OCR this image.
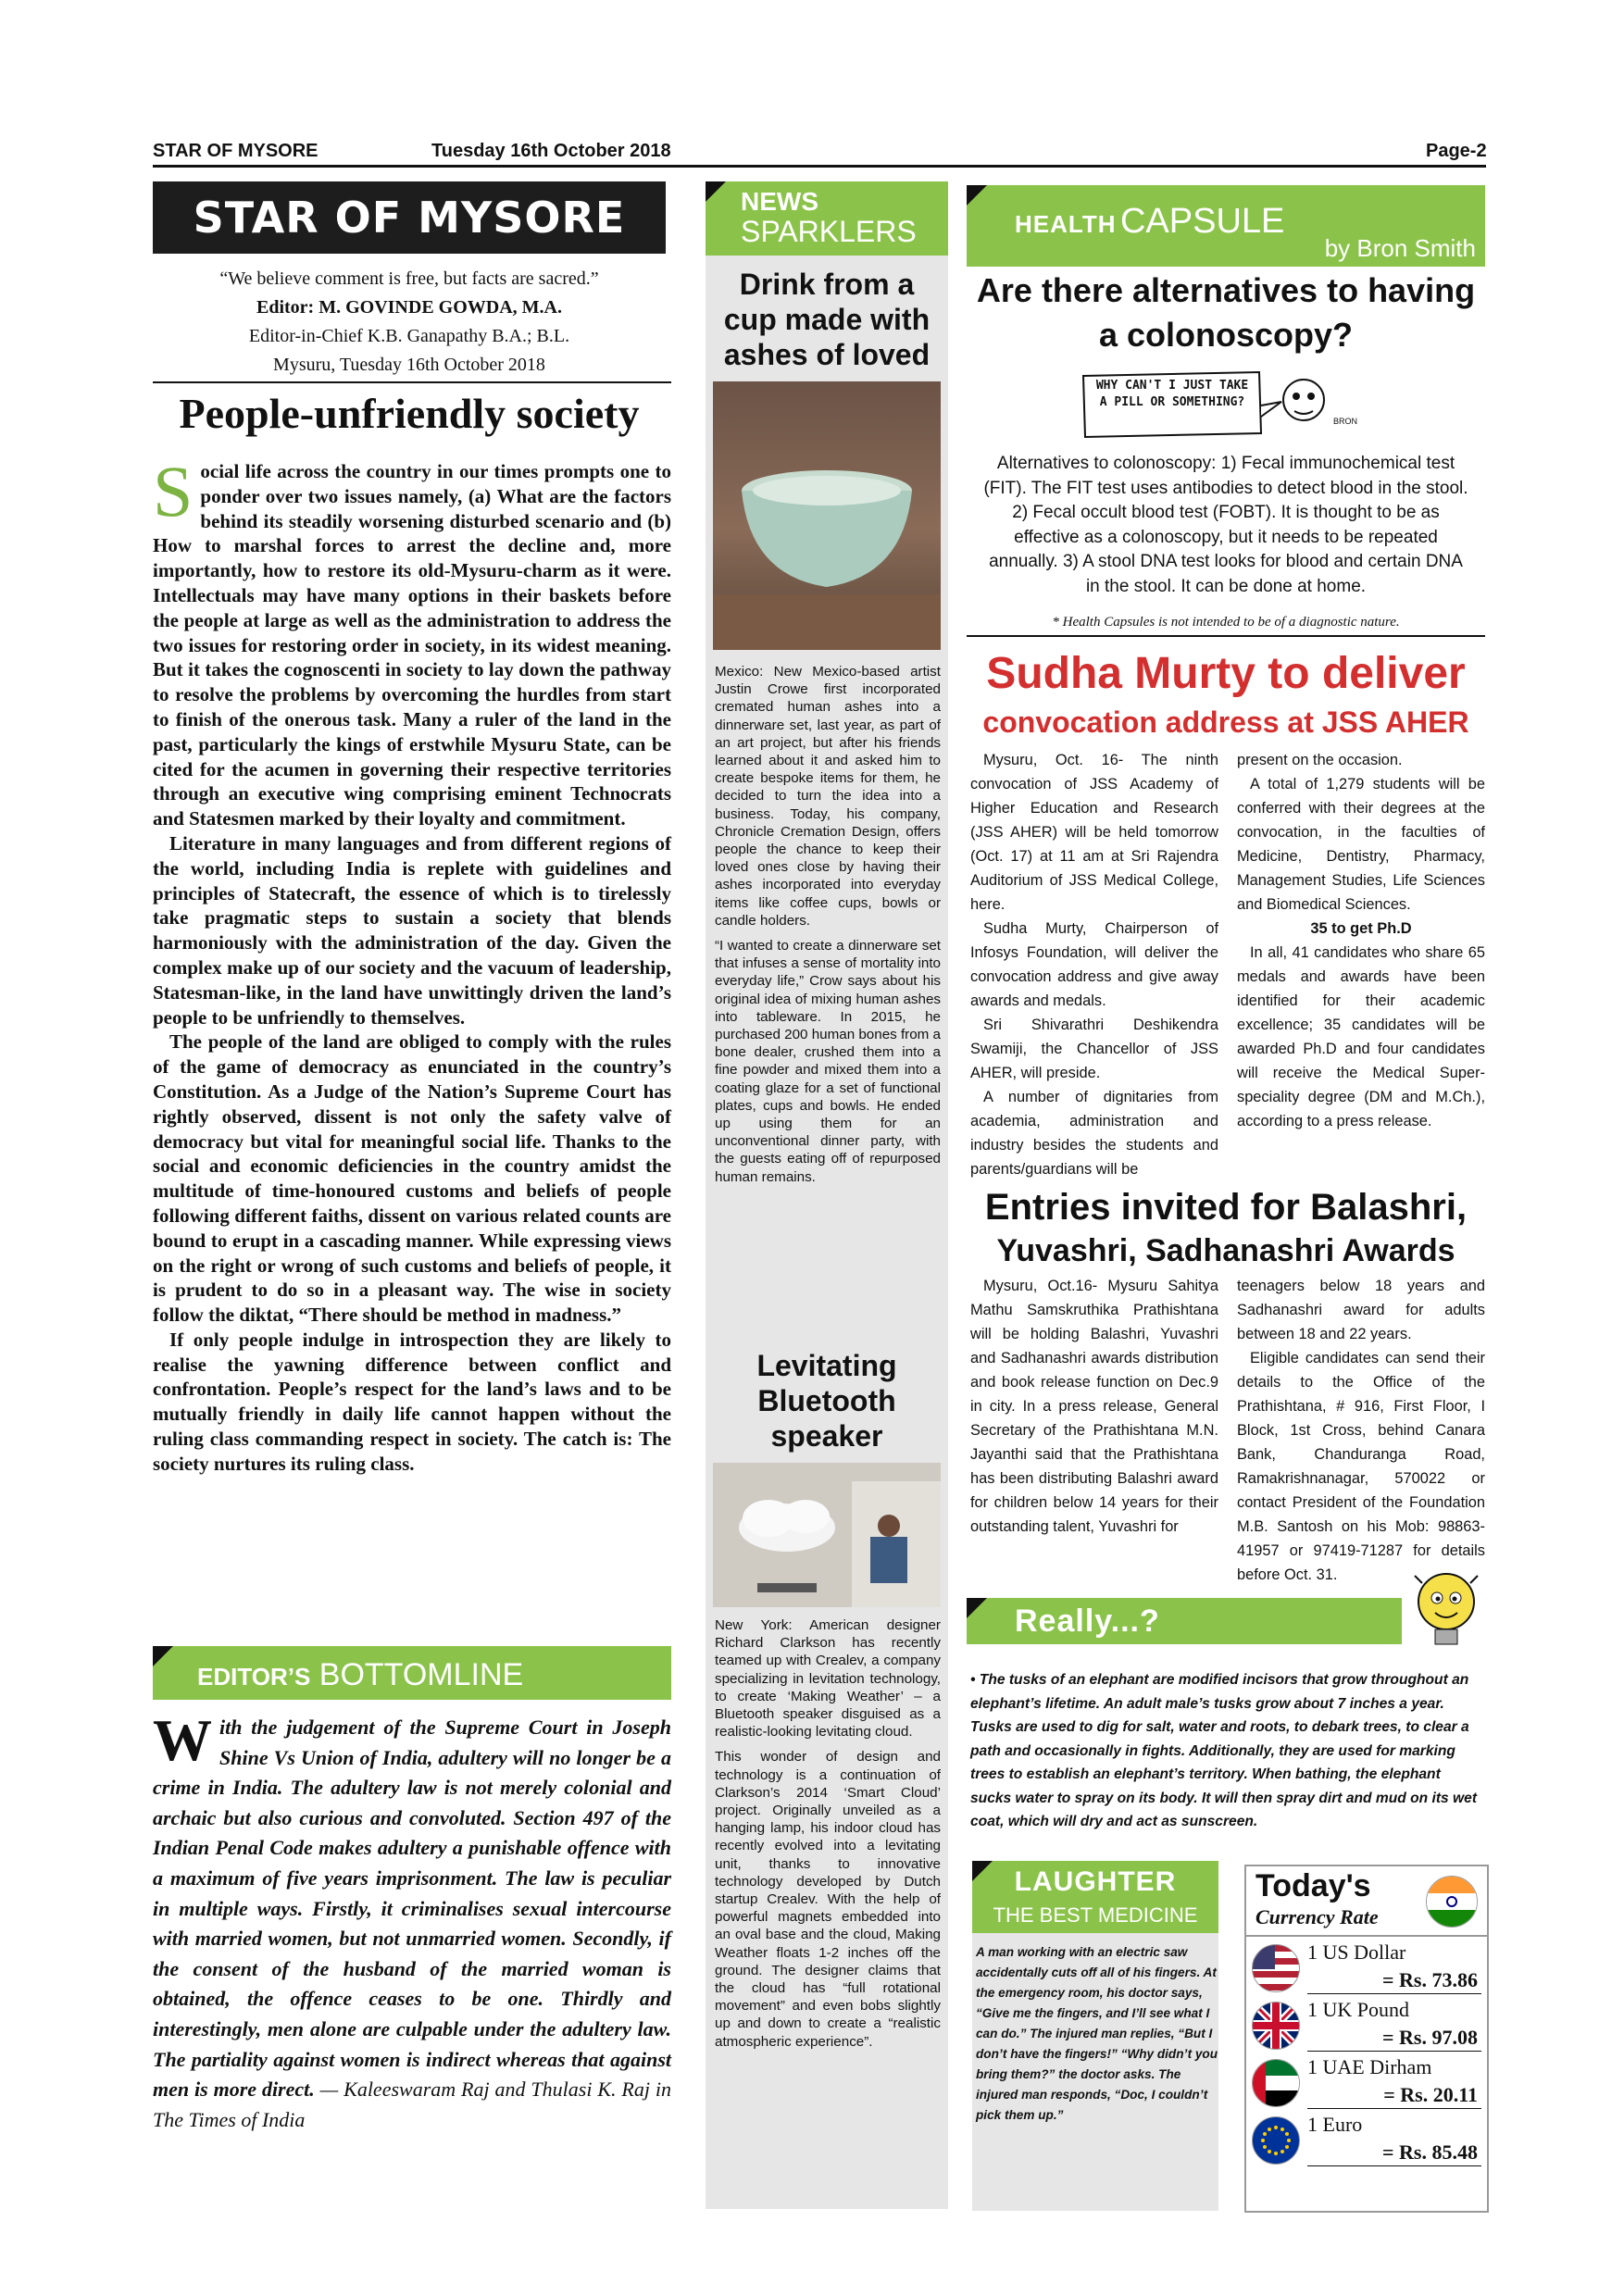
STAR OF MYSORE	Tuesday 16th October 2018	Page-2
STAR OF MYSORE
“We believe comment is free, but facts are sacred.”
Editor: M. GOVINDE GOWDA, M.A.
Editor-in-Chief K.B. Ganapathy B.A.; B.L.
Mysuru, Tuesday 16th October 2018
People-unfriendly society

Social life across the country in our times prompts one to ponder over two issues namely, (a) What are the factors behind its steadily worsening disturbed scenario and (b) How to marshal forces to arrest the decline and, more importantly, how to restore its old-Mysuru-charm as it were. Intellectuals may have many options in their baskets before the people at large as well as the administration to address the two issues for restoring order in society, in its widest meaning. But it takes the cognoscenti in society to lay down the pathway to resolve the problems by overcoming the hurdles from start to finish of the onerous task. Many a ruler of the land in the past, particularly the kings of erstwhile Mysuru State, can be cited for the acumen in governing their respective territories through an executive wing comprising eminent Technocrats and Statesmen marked by their loyalty and commitment.

Literature in many languages and from different regions of the world, including India is replete with guidelines and principles of Statecraft, the essence of which is to tirelessly take pragmatic steps to sustain a society that blends harmoniously with the administration of the day. Given the complex make up of our society and the vacuum of leadership, Statesman-like, in the land have unwittingly driven the land’s people to be unfriendly to themselves.

The people of the land are obliged to comply with the rules of the game of democracy as enunciated in the country’s Constitution. As a Judge of the Nation’s Supreme Court has rightly observed, dissent is not only the safety valve of democracy but vital for meaningful social life. Thanks to the social and economic deficiencies in the country amidst the multitude of time-honoured customs and beliefs of people following different faiths, dissent on various related counts are bound to erupt in a cascading manner. While expressing views on the right or wrong of such customs and beliefs of people, it is prudent to do so in a pleasant way. The wise in society follow the diktat, “There should be method in madness.”

If only people indulge in introspection they are likely to realise the yawning difference between conflict and confrontation. People’s respect for the land’s laws and to be mutually friendly in daily life cannot happen without the ruling class commanding respect in society. The catch is: The society nurtures its ruling class.

EDITOR’S BOTTOMLINE

With the judgement of the Supreme Court in Joseph Shine Vs Union of India, adultery will no longer be a crime in India. The adultery law is not merely colonial and archaic but also curious and convoluted. Section 497 of the Indian Penal Code makes adultery a punishable offence with a maximum of five years imprisonment. The law is peculiar in multiple ways. Firstly, it criminalises sexual intercourse with married women, but not unmarried women. Secondly, if the consent of the husband of the married woman is obtained, the offence ceases to be one. Thirdly and interestingly, men alone are culpable under the adultery law. The partiality against women is indirect whereas that against men is more direct. — Kaleeswaram Raj and Thulasi K. Raj in The Times of India

NEWS
SPARKLERS
Drink from a cup made with ashes of loved

Mexico: New Mexico-based artist Justin Crowe first incorporated cremated human ashes into a dinnerware set, last year, as part of an art project, but after his friends learned about it and asked him to create bespoke items for them, he decided to turn the idea into a business. Today, his company, Chronicle Cremation Design, offers people the chance to keep their loved ones close by having their ashes incorporated into everyday items like coffee cups, bowls or candle holders.

“I wanted to create a dinnerware set that infuses a sense of mortality into everyday life,” Crow says about his original idea of mixing human ashes into tableware. In 2015, he purchased 200 human bones from a bone dealer, crushed them into a fine powder and mixed them into a coating glaze for a set of functional plates, cups and bowls. He ended up using them for an unconventional dinner party, with the guests eating off of repurposed human remains.

Levitating Bluetooth speaker

New York: American designer Richard Clarkson has recently teamed up with Crealev, a company specializing in levitation technology, to create ‘Making Weather’ – a Bluetooth speaker disguised as a realistic-looking levitating cloud.

This wonder of design and technology is a continuation of Clarkson’s 2014 ‘Smart Cloud’ project. Originally unveiled as a hanging lamp, his indoor cloud has recently evolved into a levitating unit, thanks to innovative technology developed by Dutch startup Crealev. With the help of powerful magnets embedded into an oval base and the cloud, Making Weather floats 1-2 inches off the ground. The designer claims that the cloud has “full rotational movement” and even bobs slightly up and down to create a “realistic atmospheric experience”.

HEALTH CAPSULE
by Bron Smith
Are there alternatives to having a colonoscopy?
BRON
WHY CAN'T I JUST TAKE A PILL OR SOMETHING?
Alternatives to colonoscopy: 1) Fecal immunochemical test (FIT). The FIT test uses antibodies to detect blood in the stool. 2) Fecal occult blood test (FOBT). It is thought to be as effective as a colonoscopy, but it needs to be repeated annually. 3) A stool DNA test looks for blood and certain DNA in the stool. It can be done at home.
* Health Capsules is not intended to be of a diagnostic nature.
Sudha Murty to deliver
convocation address at JSS AHER

Mysuru, Oct. 16- The ninth convocation of JSS Academy of Higher Education and Research (JSS AHER) will be held tomorrow (Oct. 17) at 11 am at Sri Rajendra Auditorium of JSS Medical College, here.

Sudha Murty, Chairperson of Infosys Foundation, will deliver the convocation address and give away awards and medals.

Sri Shivarathri Deshikendra Swamiji, the Chancellor of JSS AHER, will preside.

A number of dignitaries from academia, administration and industry besides the students and parents/guardians will be

present on the occasion.

A total of 1,279 students will be conferred with their degrees at the convocation, in the faculties of Medicine, Dentistry, Pharmacy, Management Studies, Life Sciences and Biomedical Sciences.

35 to get Ph.D

In all, 41 candidates who share 65 medals and awards have been identified for their academic excellence; 35 candidates will be awarded Ph.D and four candidates will receive the Medical Super-speciality degree (DM and M.Ch.), according to a press release.

Entries invited for Balashri,
Yuvashri, Sadhanashri Awards

Mysuru, Oct.16- Mysuru Sahitya Mathu Samskruthika Prathishtana will be holding Balashri, Yuvashri and Sadhanashri awards distribution and book release function on Dec.9 in city. In a press release, General Secretary of the Prathishtana M.N. Jayanthi said that the Prathishtana has been distributing Balashri award for children below 14 years for their outstanding talent, Yuvashri for

teenagers below 18 years and Sadhanashri award for adults between 18 and 22 years.

Eligible candidates can send their details to the Office of the Prathishtana, # 916, First Floor, I Block, 1st Cross, behind Canara Bank, Chanduranga Road, Ramakrishnanagar, 570022 or contact President of the Foundation M.B. Santosh on his Mob: 98863-41957 or 97419-71287 for details before Oct. 31.

Really...?
• The tusks of an elephant are modified incisors that grow throughout an elephant’s lifetime. An adult male’s tusks grow about 7 inches a year. Tusks are used to dig for salt, water and roots, to debark trees, to clear a path and occasionally in fights. Additionally, they are used for marking trees to establish an elephant’s territory. When bathing, the elephant sucks water to spray on its body. It will then spray dirt and mud on its wet coat, which will dry and act as sunscreen.
LAUGHTER
THE BEST MEDICINE
A man working with an electric saw accidentally cuts off all of his fingers. At the emergency room, his doctor says, “Give me the fingers, and I’ll see what I can do.” The injured man replies, “But I don’t have the fingers!” “Why didn’t you bring them?” the doctor asks. The injured man responds, “Doc, I couldn’t pick them up.”
Today's
Currency Rate
1 US Dollar
= Rs. 73.86
1 UK Pound
= Rs. 97.08
1 UAE Dirham
= Rs. 20.11
1 Euro
= Rs. 85.48
